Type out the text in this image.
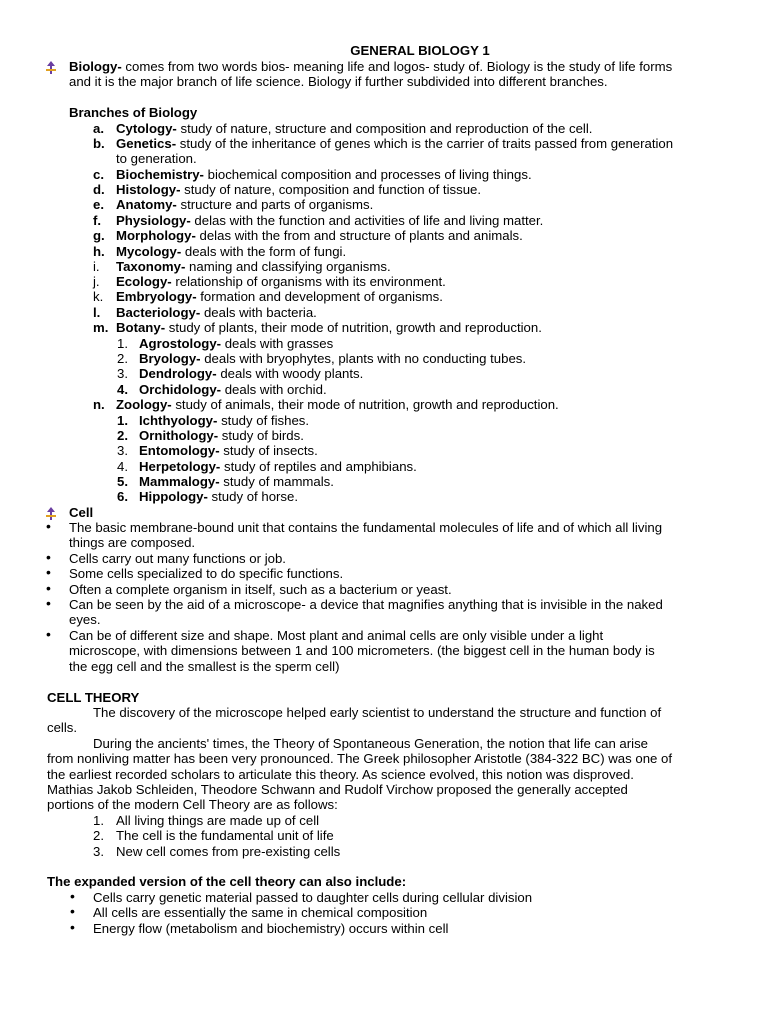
GENERAL BIOLOGY 1
Biology- comes from two words bios- meaning life and logos- study of. Biology is the study of life forms
and it is the major branch of life science. Biology if further subdivided into different branches.
Branches of Biology
a. Cytology- study of nature, structure and composition and reproduction of the cell.
b. Genetics- study of the inheritance of genes which is the carrier of traits passed from generation
to generation.
c. Biochemistry- biochemical composition and processes of living things.
d. Histology- study of nature, composition and function of tissue.
e. Anatomy- structure and parts of organisms.
f. Physiology- delas with the function and activities of life and living matter.
g. Morphology- delas with the from and structure of plants and animals.
h. Mycology- deals with the form of fungi.
i. Taxonomy- naming and classifying organisms.
j. Ecology- relationship of organisms with its environment.
k. Embryology- formation and development of organisms.
l. Bacteriology- deals with bacteria.
m. Botany- study of plants, their mode of nutrition, growth and reproduction.
1. Agrostology- deals with grasses
2. Bryology- deals with bryophytes, plants with no conducting tubes.
3. Dendrology- deals with woody plants.
4. Orchidology- deals with orchid.
n. Zoology- study of animals, their mode of nutrition, growth and reproduction.
1. Ichthyology- study of fishes.
2. Ornithology- study of birds.
3. Entomology- study of insects.
4. Herpetology- study of reptiles and amphibians.
5. Mammalogy- study of mammals.
6. Hippology- study of horse.
Cell
• The basic membrane-bound unit that contains the fundamental molecules of life and of which all living
things are composed.
• Cells carry out many functions or job.
• Some cells specialized to do specific functions.
• Often a complete organism in itself, such as a bacterium or yeast.
• Can be seen by the aid of a microscope- a device that magnifies anything that is invisible in the naked
eyes.
• Can be of different size and shape. Most plant and animal cells are only visible under a light
microscope, with dimensions between 1 and 100 micrometers. (the biggest cell in the human body is
the egg cell and the smallest is the sperm cell)
CELL THEORY
The discovery of the microscope helped early scientist to understand the structure and function of
cells.
During the ancients' times, the Theory of Spontaneous Generation, the notion that life can arise
from nonliving matter has been very pronounced. The Greek philosopher Aristotle (384-322 BC) was one of
the earliest recorded scholars to articulate this theory. As science evolved, this notion was disproved.
Mathias Jakob Schleiden, Theodore Schwann and Rudolf Virchow proposed the generally accepted
portions of the modern Cell Theory are as follows:
1. All living things are made up of cell
2. The cell is the fundamental unit of life
3. New cell comes from pre-existing cells
The expanded version of the cell theory can also include:
• Cells carry genetic material passed to daughter cells during cellular division
• All cells are essentially the same in chemical composition
• Energy flow (metabolism and biochemistry) occurs within cell
